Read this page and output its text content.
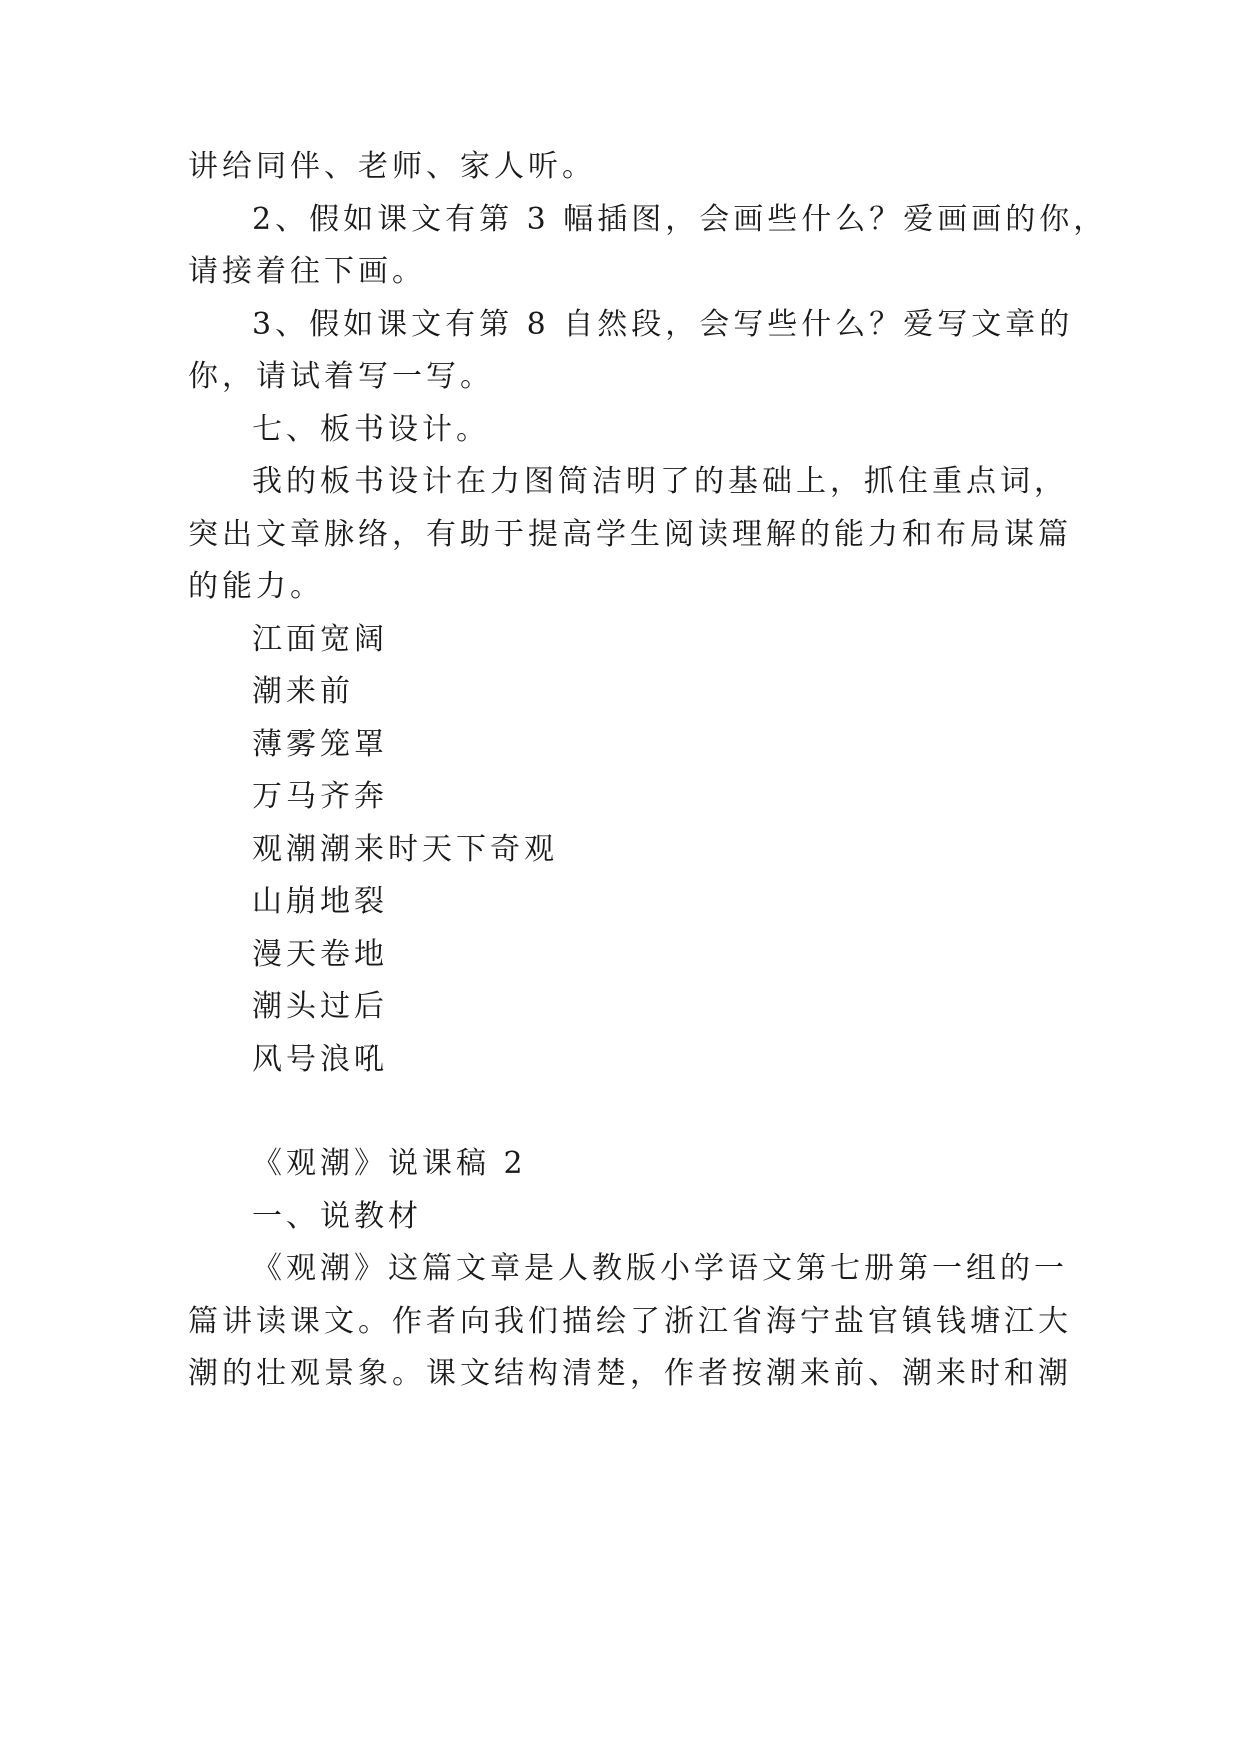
讲给同伴、老师、家人听。
2、假如课文有第 3 幅插图，会画些什么？爱画画的你，
请接着往下画。
3、假如课文有第 8 自然段，会写些什么？爱写文章的
你，请试着写一写。
七、板书设计。
我的板书设计在力图简洁明了的基础上，抓住重点词，
突出文章脉络，有助于提高学生阅读理解的能力和布局谋篇
的能力。
江面宽阔
潮来前
薄雾笼罩
万马齐奔
观潮潮来时天下奇观
山崩地裂
漫天卷地
潮头过后
风号浪吼
《观潮》说课稿 2
一、说教材
《观潮》这篇文章是人教版小学语文第七册第一组的一
篇讲读课文。作者向我们描绘了浙江省海宁盐官镇钱塘江大
潮的壮观景象。课文结构清楚，作者按潮来前、潮来时和潮
